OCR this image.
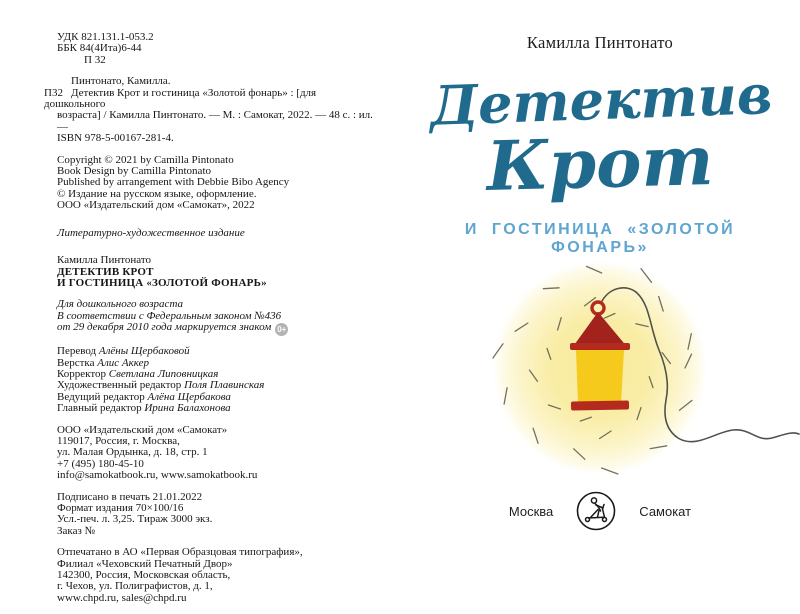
УДК 821.131.1-053.2
ББК 84(4Ита)6-44
П 32
Пинтонато, Камилла.
П32 Детектив Крот и гостиница «Золотой фонарь» : [для дошкольного
возраста] / Камилла Пинтонато. — М. : Самокат, 2022. — 48 с. : ил. —
ISBN 978-5-00167-281-4.
Copyright © 2021 by Camilla Pintonato
Book Design by Camilla Pintonato
Published by arrangement with Debbie Bibo Agency
© Издание на русском языке, оформление.
ООО «Издательский дом «Самокат», 2022
Литературно-художественное издание
Камилла Пинтонато
ДЕТЕКТИВ КРОТ
И ГОСТИНИЦА «ЗОЛОТОЙ ФОНАРЬ»
Для дошкольного возраста
В соответствии с Федеральным законом №436
от 29 декабря 2010 года маркируется знаком 0+
Перевод Алёны Щербаковой
Верстка Алис Аккер
Корректор Светлана Липовницкая
Художественный редактор Поля Плавинская
Ведущий редактор Алёна Щербакова
Главный редактор Ирина Балахонова
ООО «Издательский дом «Самокат»
119017, Россия, г. Москва,
ул. Малая Ордынка, д. 18, стр. 1
+7 (495) 180-45-10
info@samokatbook.ru, www.samokatbook.ru
Подписано в печать 21.01.2022
Формат издания 70×100/16
Усл.-печ. л. 3,25. Тираж 3000 экз.
Заказ №
Отпечатано в АО «Первая Образцовая типография»,
Филиал «Чеховский Печатный Двор»
142300, Россия, Московская область,
г. Чехов, ул. Полиграфистов, д. 1,
www.chpd.ru, sales@chpd.ru
Камилла Пинтонато
Детектив
Крот
И ГОСТИНИЦА «ЗОЛОТОЙ ФОНАРЬ»
Москва	Самокат
